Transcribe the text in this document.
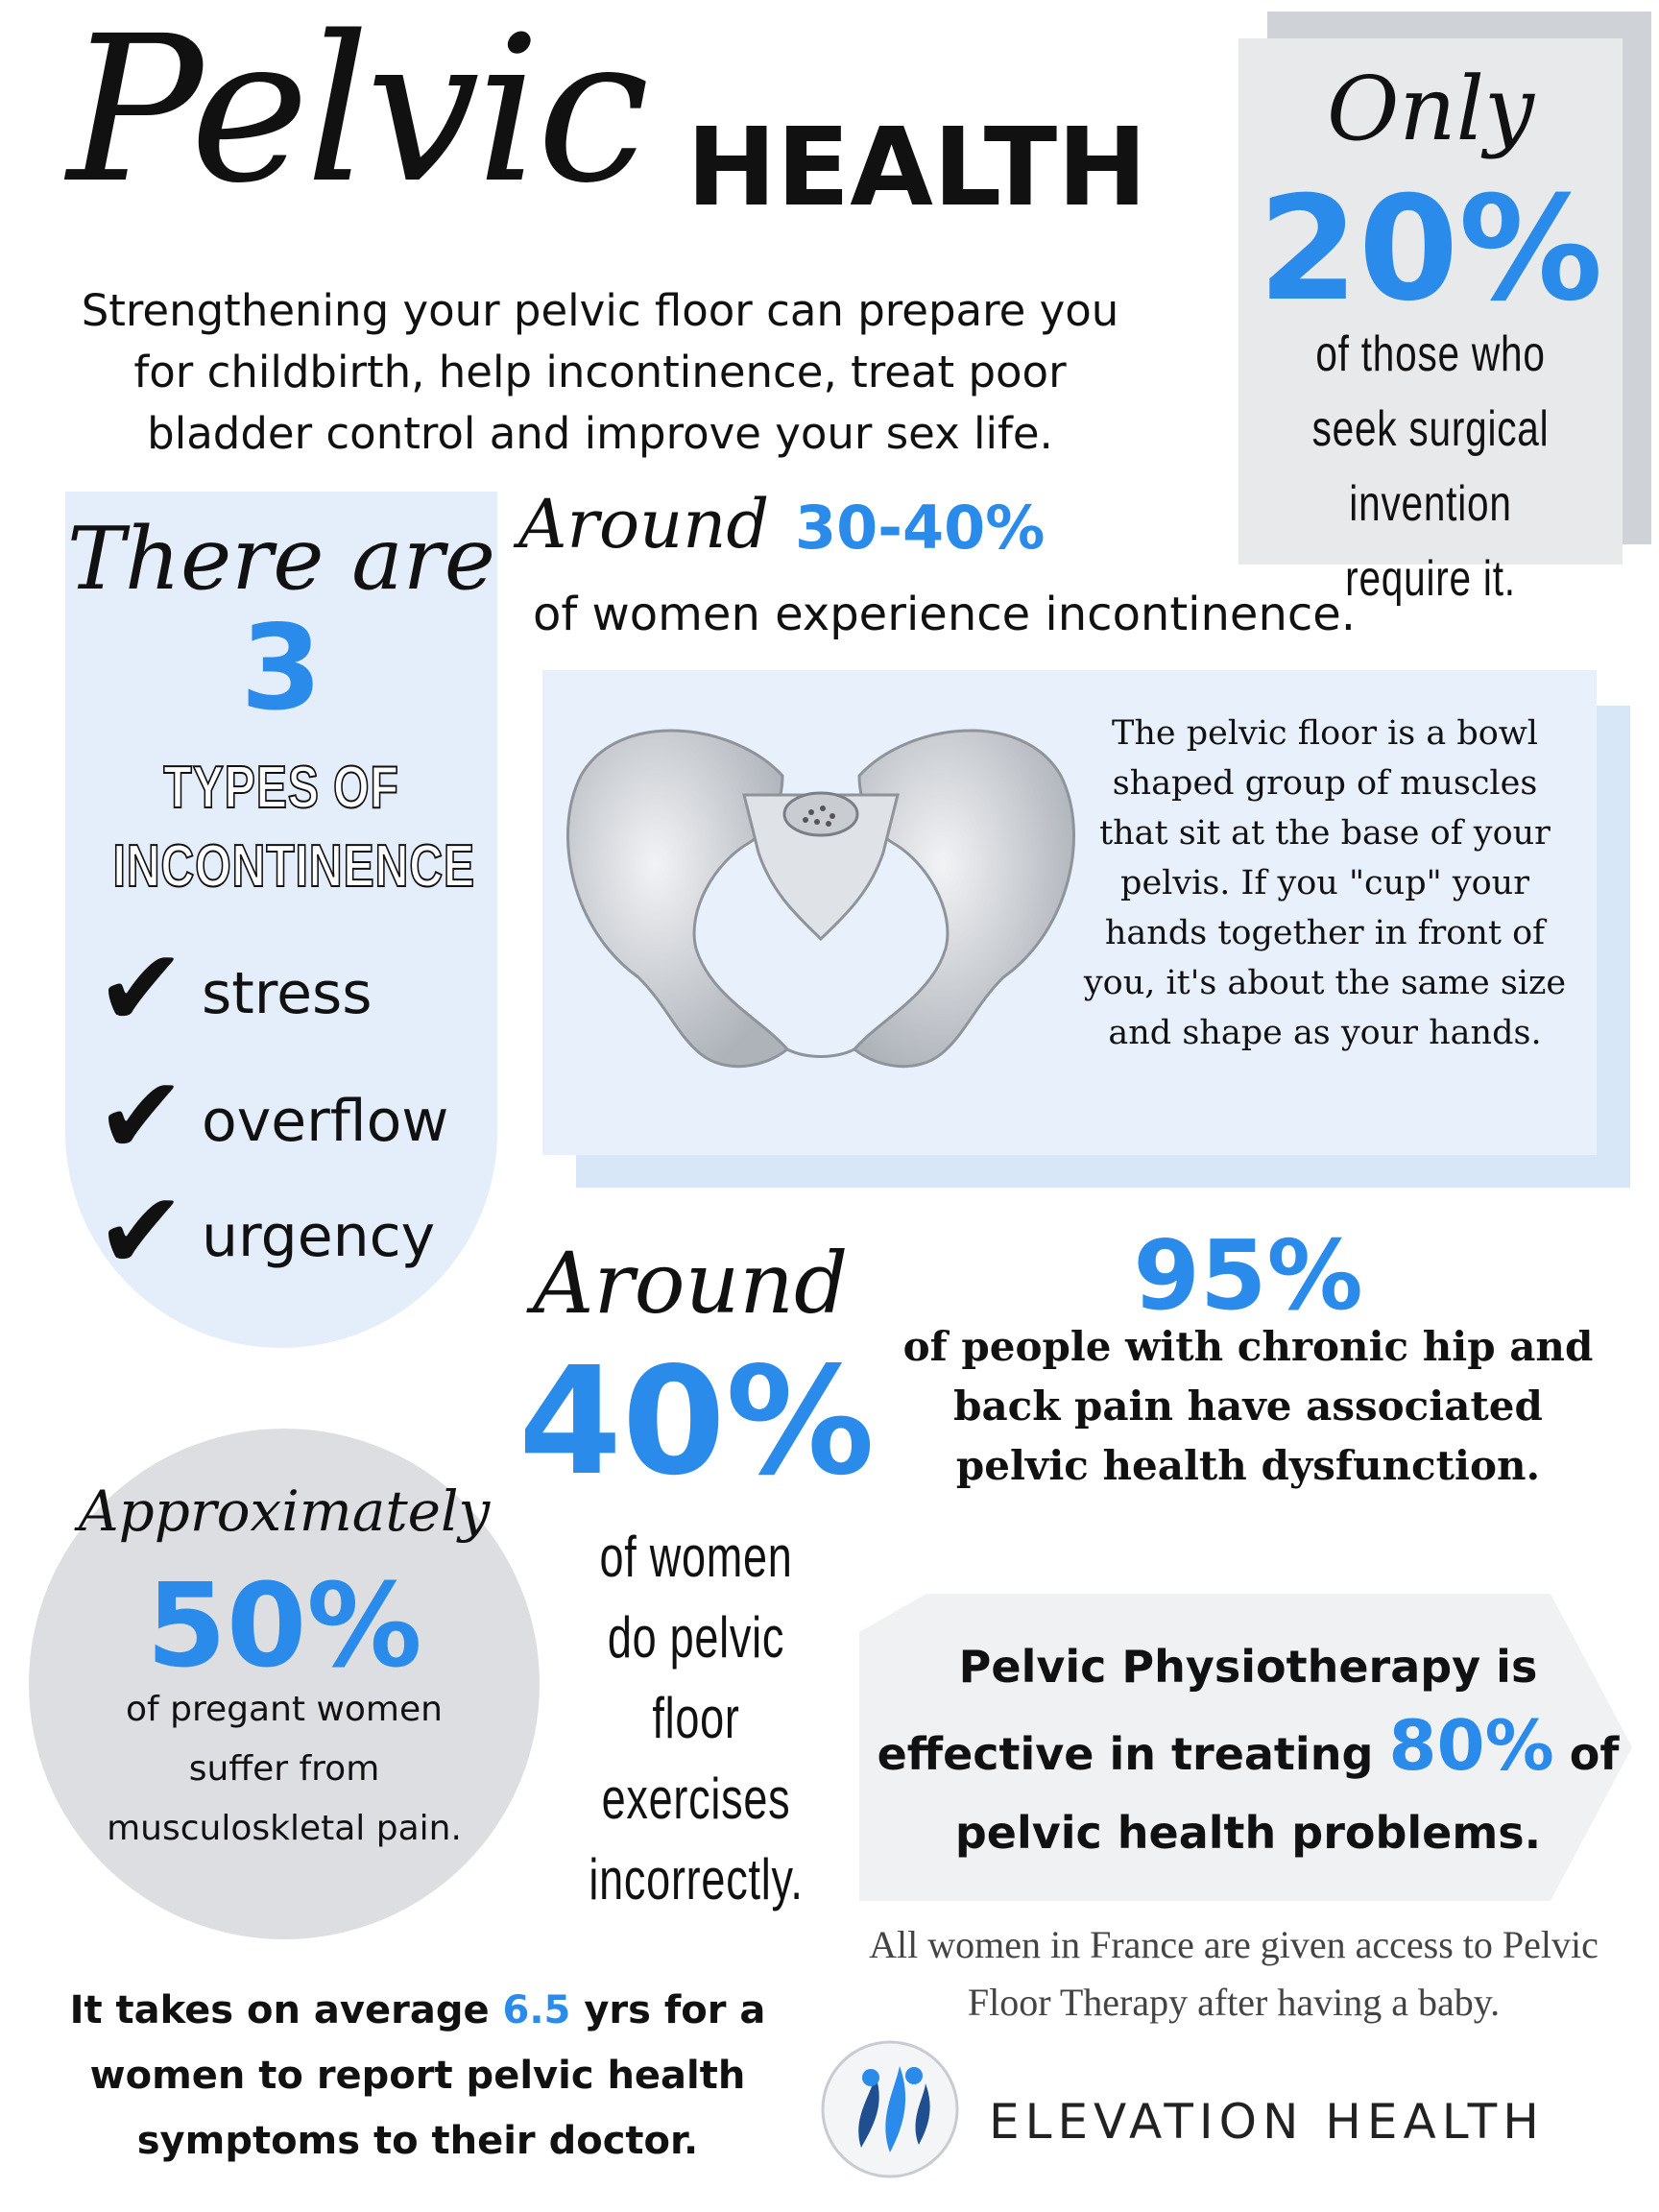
Pelvic HEALTH
Strengthening your pelvic floor can prepare you for childbirth, help incontinence, treat poor bladder control and improve your sex life.
Only
20%
of those who seek surgical invention require it.
There are
3
TYPES OF INCONTINENCE
✔ stress
✔ overflow
✔ urgency
Around 30-40%
of women experience incontinence.
The pelvic floor is a bowl shaped group of muscles that sit at the base of your pelvis. If you "cup" your hands together in front of you, it's about the same size and shape as your hands.
Around
40%
of women do pelvic floor exercises incorrectly.
95%
of people with chronic hip and back pain have associated pelvic health dysfunction.
Approximately
50%
of pregant women suffer from musculoskletal pain.
Pelvic Physiotherapy is effective in treating 80% of pelvic health problems.
All women in France are given access to Pelvic Floor Therapy after having a baby.
It takes on average 6.5 yrs for a women to report pelvic health symptoms to their doctor.	ELEVATION HEALTH
